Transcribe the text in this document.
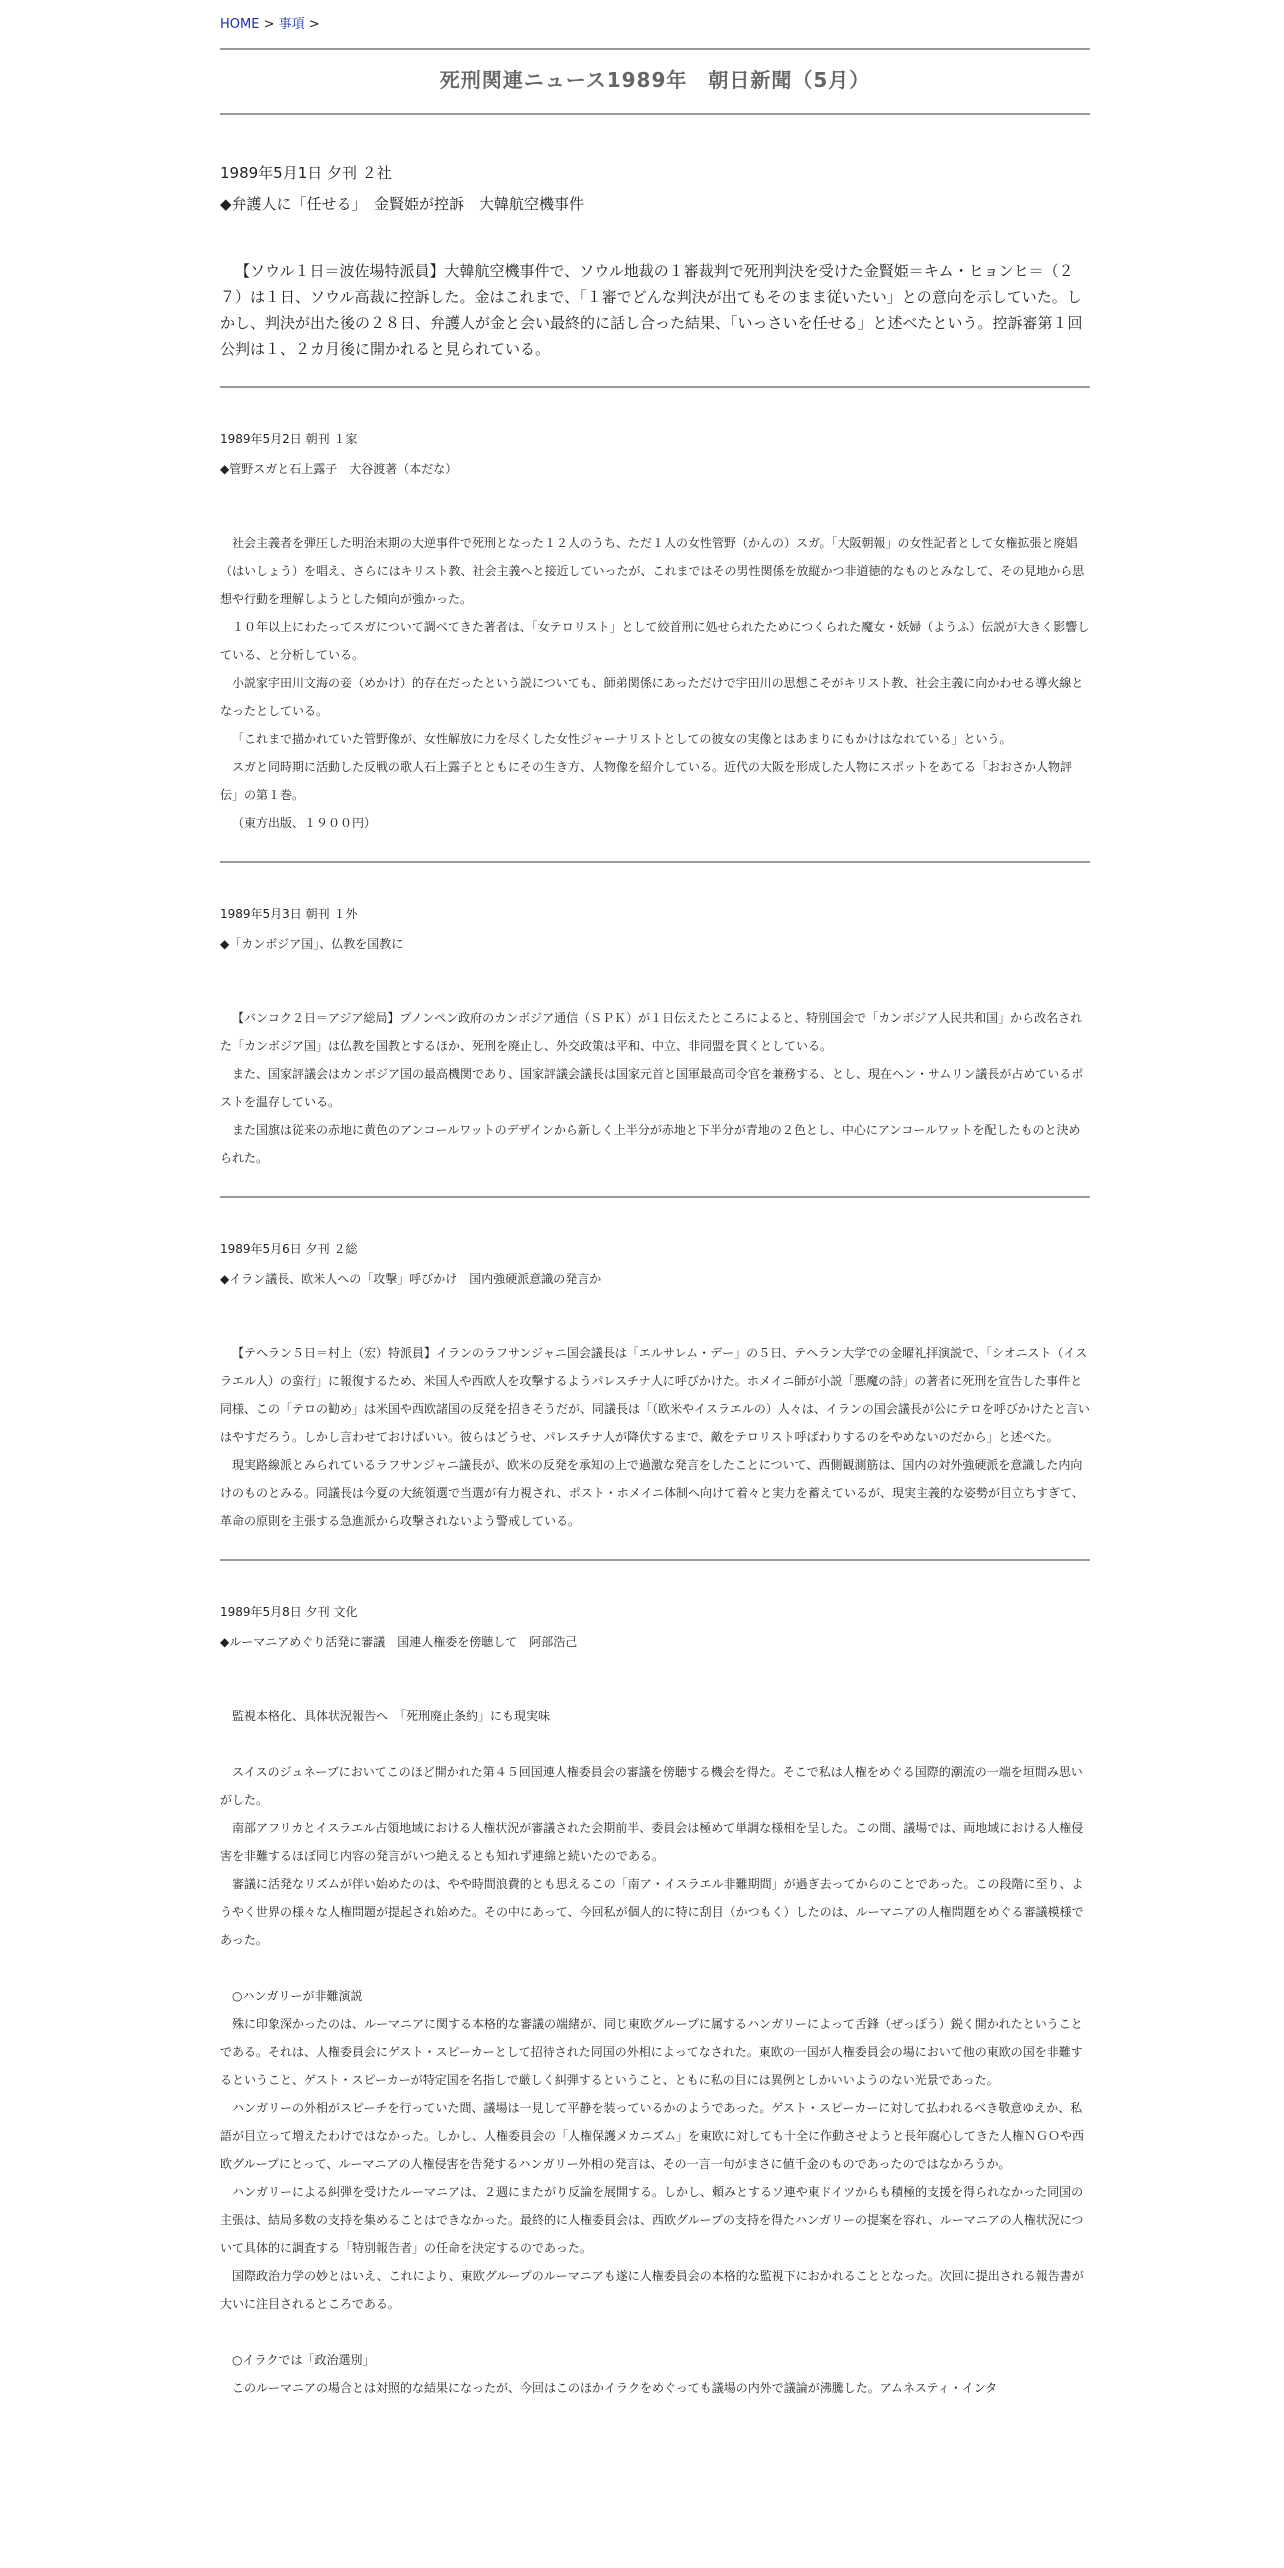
HOME > 事項 >
死刑関連ニュース1989年　朝日新聞（5月）
1989年5月1日 夕刊 ２社
◆弁護人に「任せる」　金賢姫が控訴　大韓航空機事件

【ソウル１日＝波佐場特派員】大韓航空機事件で、ソウル地裁の１審裁判で死刑判決を受けた金賢姫＝キム・ヒョンヒ＝（２７）は１日、ソウル高裁に控訴した。金はこれまで、「１審でどんな判決が出てもそのまま従いたい」との意向を示していた。しかし、判決が出た後の２８日、弁護人が金と会い最終的に話し合った結果、「いっさいを任せる」と述べたという。控訴審第１回公判は１、２カ月後に開かれると見られている。

1989年5月2日 朝刊 １家
◆管野スガと石上露子　大谷渡著（本だな）

社会主義者を弾圧した明治末期の大逆事件で死刑となった１２人のうち、ただ１人の女性管野（かんの）スガ。「大阪朝報」の女性記者として女権拡張と廃娼（はいしょう）を唱え、さらにはキリスト教、社会主義へと接近していったが、これまではその男性関係を放縦かつ非道徳的なものとみなして、その見地から思想や行動を理解しようとした傾向が強かった。

１０年以上にわたってスガについて調べてきた著者は、「女テロリスト」として絞首刑に処せられたためにつくられた魔女・妖婦（ようふ）伝説が大きく影響している、と分析している。

小説家宇田川文海の妾（めかけ）的存在だったという説についても、師弟関係にあっただけで宇田川の思想こそがキリスト教、社会主義に向かわせる導火線となったとしている。

「これまで描かれていた管野像が、女性解放に力を尽くした女性ジャーナリストとしての彼女の実像とはあまりにもかけはなれている」という。

スガと同時期に活動した反戦の歌人石上露子とともにその生き方、人物像を紹介している。近代の大阪を形成した人物にスポットをあてる「おおさか人物評伝」の第１巻。

（東方出版、１９００円）

1989年5月3日 朝刊 １外
◆「カンボジア国」、仏教を国教に

【バンコク２日＝アジア総局】プノンペン政府のカンボジア通信（ＳＰＫ）が１日伝えたところによると、特別国会で「カンボジア人民共和国」から改名された「カンボジア国」は仏教を国教とするほか、死刑を廃止し、外交政策は平和、中立、非同盟を貫くとしている。

また、国家評議会はカンボジア国の最高機関であり、国家評議会議長は国家元首と国軍最高司令官を兼務する、とし、現在ヘン・サムリン議長が占めているポストを温存している。

また国旗は従来の赤地に黄色のアンコールワットのデザインから新しく上半分が赤地と下半分が青地の２色とし、中心にアンコールワットを配したものと決められた。

1989年5月6日 夕刊 ２総
◆イラン議長、欧米人への「攻撃」呼びかけ　国内強硬派意識の発言か

【テヘラン５日＝村上（宏）特派員】イランのラフサンジャニ国会議長は「エルサレム・デー」の５日、テヘラン大学での金曜礼拝演説で、「シオニスト（イスラエル人）の蛮行」に報復するため、米国人や西欧人を攻撃するようパレスチナ人に呼びかけた。ホメイニ師が小説「悪魔の詩」の著者に死刑を宣告した事件と同様、この「テロの勧め」は米国や西欧諸国の反発を招きそうだが、同議長は「（欧米やイスラエルの）人々は、イランの国会議長が公にテロを呼びかけたと言いはやすだろう。しかし言わせておけばいい。彼らはどうせ、パレスチナ人が降伏するまで、敵をテロリスト呼ばわりするのをやめないのだから」と述べた。

現実路線派とみられているラフサンジャニ議長が、欧米の反発を承知の上で過激な発言をしたことについて、西側観測筋は、国内の対外強硬派を意識した内向けのものとみる。同議長は今夏の大統領選で当選が有力視され、ポスト・ホメイニ体制へ向けて着々と実力を蓄えているが、現実主義的な姿勢が目立ちすぎて、革命の原則を主張する急進派から攻撃されないよう警戒している。

1989年5月8日 夕刊 文化
◆ルーマニアめぐり活発に審議　国連人権委を傍聴して　阿部浩己

監視本格化、具体状況報告へ　「死刑廃止条約」にも現実味

スイスのジュネーブにおいてこのほど開かれた第４５回国連人権委員会の審議を傍聴する機会を得た。そこで私は人権をめぐる国際的潮流の一端を垣間み思いがした。

南部アフリカとイスラエル占領地域における人権状況が審議された会期前半、委員会は極めて単調な様相を呈した。この間、議場では、両地域における人権侵害を非難するほぼ同じ内容の発言がいつ絶えるとも知れず連綿と続いたのである。

審議に活発なリズムが伴い始めたのは、やや時間浪費的とも思えるこの「南ア・イスラエル非難期間」が過ぎ去ってからのことであった。この段階に至り、ようやく世界の様々な人権問題が提起され始めた。その中にあって、今回私が個人的に特に刮目（かつもく）したのは、ルーマニアの人権問題をめぐる審議模様であった。

○ハンガリーが非難演説

殊に印象深かったのは、ルーマニアに関する本格的な審議の端緒が、同じ東欧グループに属するハンガリーによって舌鋒（ぜっぽう）鋭く開かれたということである。それは、人権委員会にゲスト・スピーカーとして招待された同国の外相によってなされた。東欧の一国が人権委員会の場において他の東欧の国を非難するということ、ゲスト・スピーカーが特定国を名指しで厳しく糾弾するということ、ともに私の目には異例としかいいようのない光景であった。

ハンガリーの外相がスピーチを行っていた間、議場は一見して平静を装っているかのようであった。ゲスト・スピーカーに対して払われるべき敬意ゆえか、私語が目立って増えたわけではなかった。しかし、人権委員会の「人権保護メカニズム」を東欧に対しても十全に作動させようと長年腐心してきた人権ＮＧＯや西欧グループにとって、ルーマニアの人権侵害を告発するハンガリー外相の発言は、その一言一句がまさに値千金のものであったのではなかろうか。

ハンガリーによる糾弾を受けたルーマニアは、２週にまたがり反論を展開する。しかし、頼みとするソ連や東ドイツからも積極的支援を得られなかった同国の主張は、結局多数の支持を集めることはできなかった。最終的に人権委員会は、西欧グループの支持を得たハンガリーの提案を容れ、ルーマニアの人権状況について具体的に調査する「特別報告者」の任命を決定するのであった。

国際政治力学の妙とはいえ、これにより、東欧グループのルーマニアも遂に人権委員会の本格的な監視下におかれることとなった。次回に提出される報告書が大いに注目されるところである。

○イラクでは「政治選別」

このルーマニアの場合とは対照的な結果になったが、今回はこのほかイラクをめぐっても議場の内外で議論が沸騰した。アムネスティ・インタ
